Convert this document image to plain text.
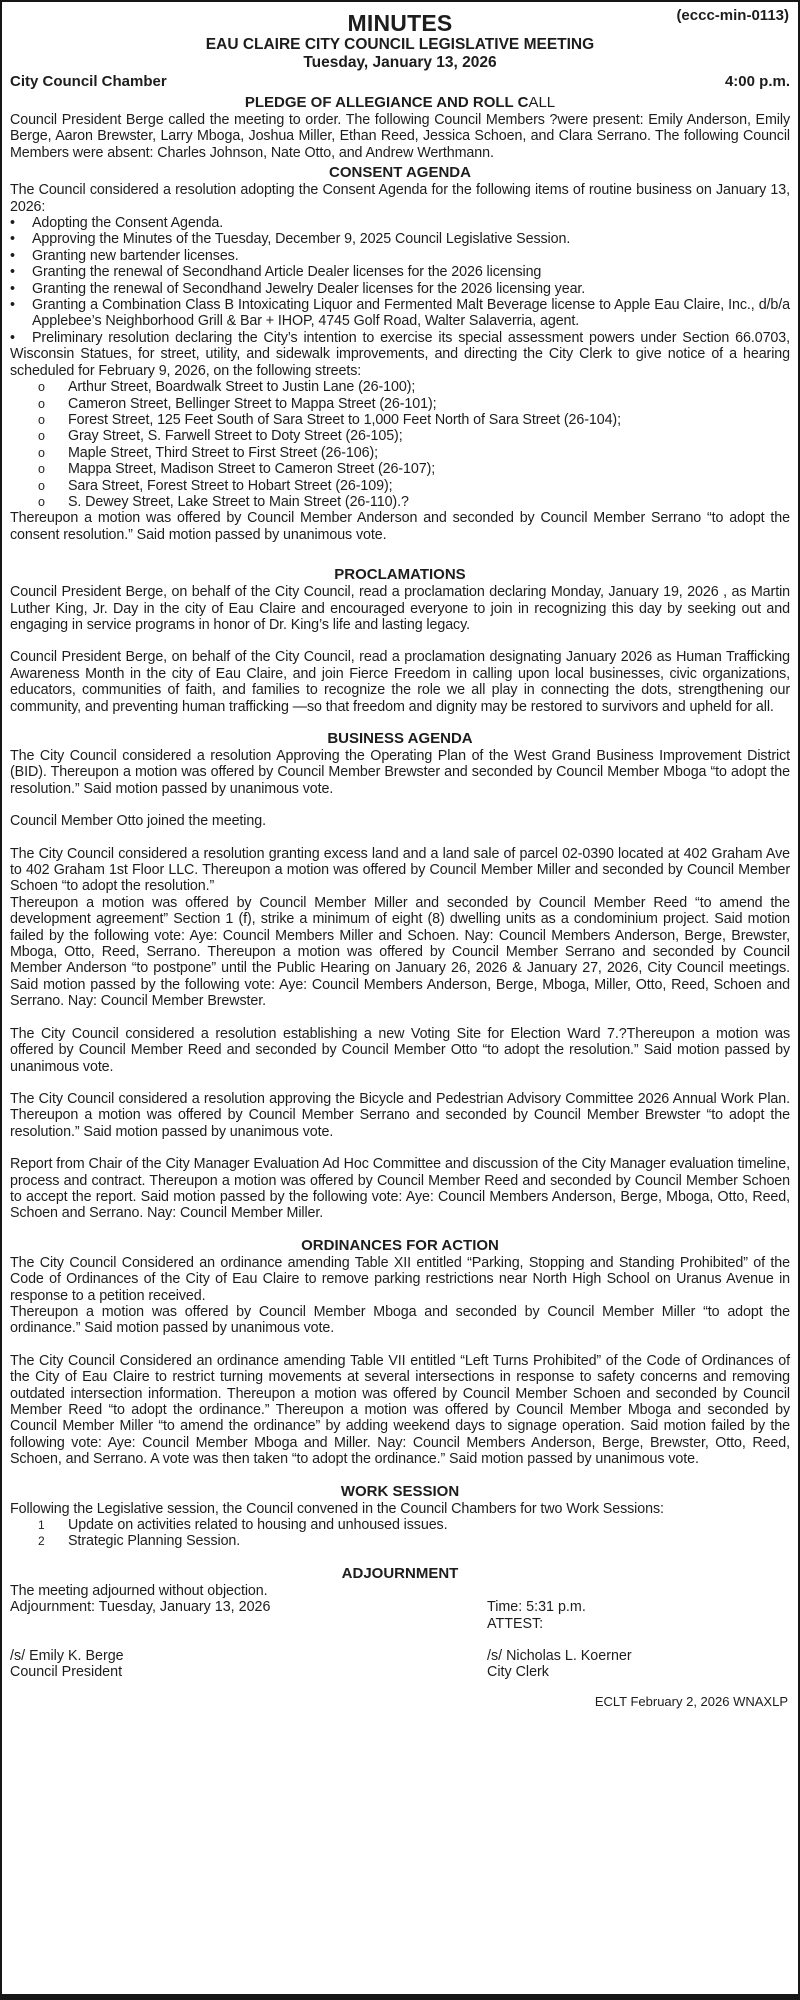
(eccc-min-0113)
MINUTES
EAU CLAIRE CITY COUNCIL LEGISLATIVE MEETING
Tuesday, January 13, 2026
City Council Chamber	4:00 p.m.
PLEDGE OF ALLEGIANCE AND ROLL CALL

Council President Berge called the meeting to order. The following Council Members ?were present: Emily Anderson, Emily Berge, Aaron Brewster, Larry Mboga, Joshua Miller, Ethan Reed, Jessica Schoen, and Clara Serrano. The following Council Members were absent: Charles Johnson, Nate Otto, and Andrew Werthmann.

CONSENT AGENDA

The Council considered a resolution adopting the Consent Agenda for the following items of routine business on January 13, 2026:

• Adopting the Consent Agenda.
• Approving the Minutes of the Tuesday, December 9, 2025 Council Legislative Session.
• Granting new bartender licenses.
• Granting the renewal of Secondhand Article Dealer licenses for the 2026 licensing
• Granting the renewal of Secondhand Jewelry Dealer licenses for the 2026 licensing year.
• Granting a Combination Class B Intoxicating Liquor and Fermented Malt Beverage license to Apple Eau Claire, Inc., d/b/a Applebee’s Neighborhood Grill & Bar + IHOP, 4745 Golf Road, Walter Salaverria, agent.
• Preliminary resolution declaring the City’s intention to exercise its special assessment powers under Section 66.0703, Wisconsin Statues, for street, utility, and sidewalk improvements, and directing the City Clerk to give notice of a hearing scheduled for February 9, 2026, on the following streets:
o Arthur Street, Boardwalk Street to Justin Lane (26-100);
o Cameron Street, Bellinger Street to Mappa Street (26-101);
o Forest Street, 125 Feet South of Sara Street to 1,000 Feet North of Sara Street (26-104);
o Gray Street, S. Farwell Street to Doty Street (26-105);
o Maple Street, Third Street to First Street (26-106);
o Mappa Street, Madison Street to Cameron Street (26-107);
o Sara Street, Forest Street to Hobart Street (26-109);
o S. Dewey Street, Lake Street to Main Street (26-110).?

Thereupon a motion was offered by Council Member Anderson and seconded by Council Member Serrano “to adopt the consent resolution.” Said motion passed by unanimous vote.

PROCLAMATIONS

Council President Berge, on behalf of the City Council, read a proclamation declaring Monday, January 19, 2026 , as Martin Luther King, Jr. Day in the city of Eau Claire and encouraged everyone to join in recognizing this day by seeking out and engaging in service programs in honor of Dr. King’s life and lasting legacy.

Council President Berge, on behalf of the City Council, read a proclamation designating January 2026 as Human Trafficking Awareness Month in the city of Eau Claire, and join Fierce Freedom in calling upon local businesses, civic organizations, educators, communities of faith, and families to recognize the role we all play in connecting the dots, strengthening our community, and preventing human trafficking —so that freedom and dignity may be restored to survivors and upheld for all.

BUSINESS AGENDA

The City Council considered a resolution Approving the Operating Plan of the West Grand Business Improvement District (BID). Thereupon a motion was offered by Council Member Brewster and seconded by Council Member Mboga “to adopt the resolution.” Said motion passed by unanimous vote.

Council Member Otto joined the meeting.

The City Council considered a resolution granting excess land and a land sale of parcel 02-0390 located at 402 Graham Ave to 402 Graham 1st Floor LLC. Thereupon a motion was offered by Council Member Miller and seconded by Council Member Schoen “to adopt the resolution.”

Thereupon a motion was offered by Council Member Miller and seconded by Council Member Reed “to amend the development agreement” Section 1 (f), strike a minimum of eight (8) dwelling units as a condominium project. Said motion failed by the following vote: Aye: Council Members Miller and Schoen. Nay: Council Members Anderson, Berge, Brewster, Mboga, Otto, Reed, Serrano. Thereupon a motion was offered by Council Member Serrano and seconded by Council Member Anderson “to postpone” until the Public Hearing on January 26, 2026 & January 27, 2026, City Council meetings. Said motion passed by the following vote: Aye: Council Members Anderson, Berge, Mboga, Miller, Otto, Reed, Schoen and Serrano. Nay: Council Member Brewster.

The City Council considered a resolution establishing a new Voting Site for Election Ward 7.?Thereupon a motion was offered by Council Member Reed and seconded by Council Member Otto “to adopt the resolution.” Said motion passed by unanimous vote.

The City Council considered a resolution approving the Bicycle and Pedestrian Advisory Committee 2026 Annual Work Plan. Thereupon a motion was offered by Council Member Serrano and seconded by Council Member Brewster “to adopt the resolution.” Said motion passed by unanimous vote.

Report from Chair of the City Manager Evaluation Ad Hoc Committee and discussion of the City Manager evaluation timeline, process and contract. Thereupon a motion was offered by Council Member Reed and seconded by Council Member Schoen to accept the report. Said motion passed by the following vote: Aye: Council Members Anderson, Berge, Mboga, Otto, Reed, Schoen and Serrano. Nay: Council Member Miller.

ORDINANCES FOR ACTION

The City Council Considered an ordinance amending Table XII entitled “Parking, Stopping and Standing Prohibited” of the Code of Ordinances of the City of Eau Claire to remove parking restrictions near North High School on Uranus Avenue in response to a petition received.

Thereupon a motion was offered by Council Member Mboga and seconded by Council Member Miller “to adopt the ordinance.” Said motion passed by unanimous vote.

The City Council Considered an ordinance amending Table VII entitled “Left Turns Prohibited” of the Code of Ordinances of the City of Eau Claire to restrict turning movements at several intersections in response to safety concerns and removing outdated intersection information. Thereupon a motion was offered by Council Member Schoen and seconded by Council Member Reed “to adopt the ordinance.” Thereupon a motion was offered by Council Member Mboga and seconded by Council Member Miller “to amend the ordinance” by adding weekend days to signage operation. Said motion failed by the following vote: Aye: Council Member Mboga and Miller. Nay: Council Members Anderson, Berge, Brewster, Otto, Reed, Schoen, and Serrano. A vote was then taken “to adopt the ordinance.” Said motion passed by unanimous vote.

WORK SESSION

Following the Legislative session, the Council convened in the Council Chambers for two Work Sessions:

1 Update on activities related to housing and unhoused issues.
2 Strategic Planning Session.
ADJOURNMENT

The meeting adjourned without objection.

Adjournment: Tuesday, January 13, 2026	Time: 5:31 p.m.
ATTEST:
/s/ Emily K. Berge	/s/ Nicholas L. Koerner
Council President	City Clerk
ECLT February 2, 2026 WNAXLP
